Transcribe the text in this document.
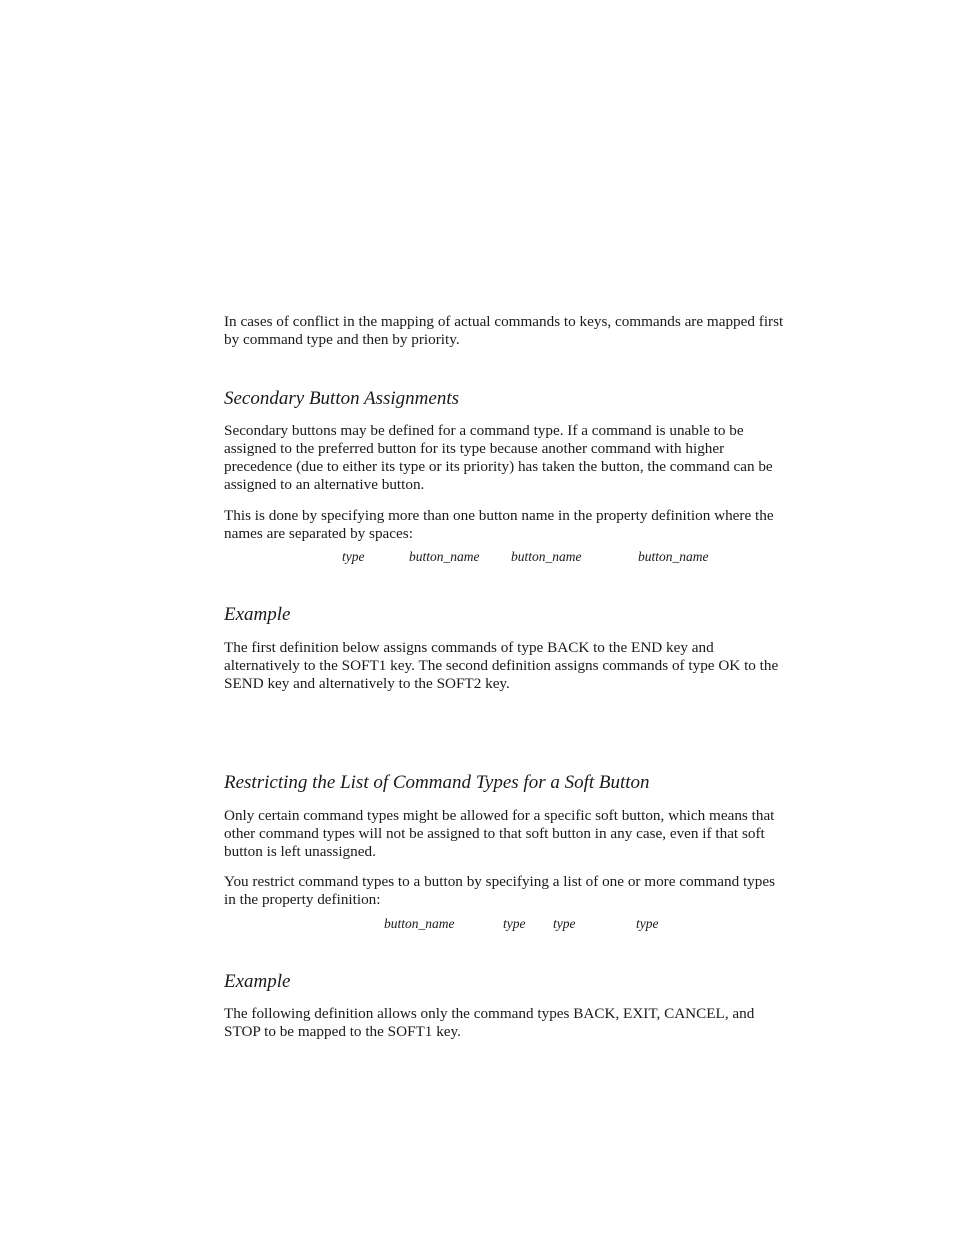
In cases of conflict in the mapping of actual commands to keys, commands are mapped first by command type and then by priority.

Secondary Button Assignments

Secondary buttons may be defined for a command type. If a command is unable to be assigned to the preferred button for its type because another command with higher precedence (due to either its type or its priority) has taken the button, the command can be assigned to an alternative button.

This is done by specifying more than one button name in the property definition where the names are separated by spaces:

type	button_name button_name	button_name
Example

The first definition below assigns commands of type BACK to the END key and alternatively to the SOFT1 key. The second definition assigns commands of type OK to the SEND key and alternatively to the SOFT2 key.

Restricting the List of Command Types for a Soft Button

Only certain command types might be allowed for a specific soft button, which means that other command types will not be assigned to that soft button in any case, even if that soft button is left unassigned.

You restrict command types to a button by specifying a list of one or more command types in the property definition:

button_name	type type	type
Example

The following definition allows only the command types BACK, EXIT, CANCEL, and STOP to be mapped to the SOFT1 key.
